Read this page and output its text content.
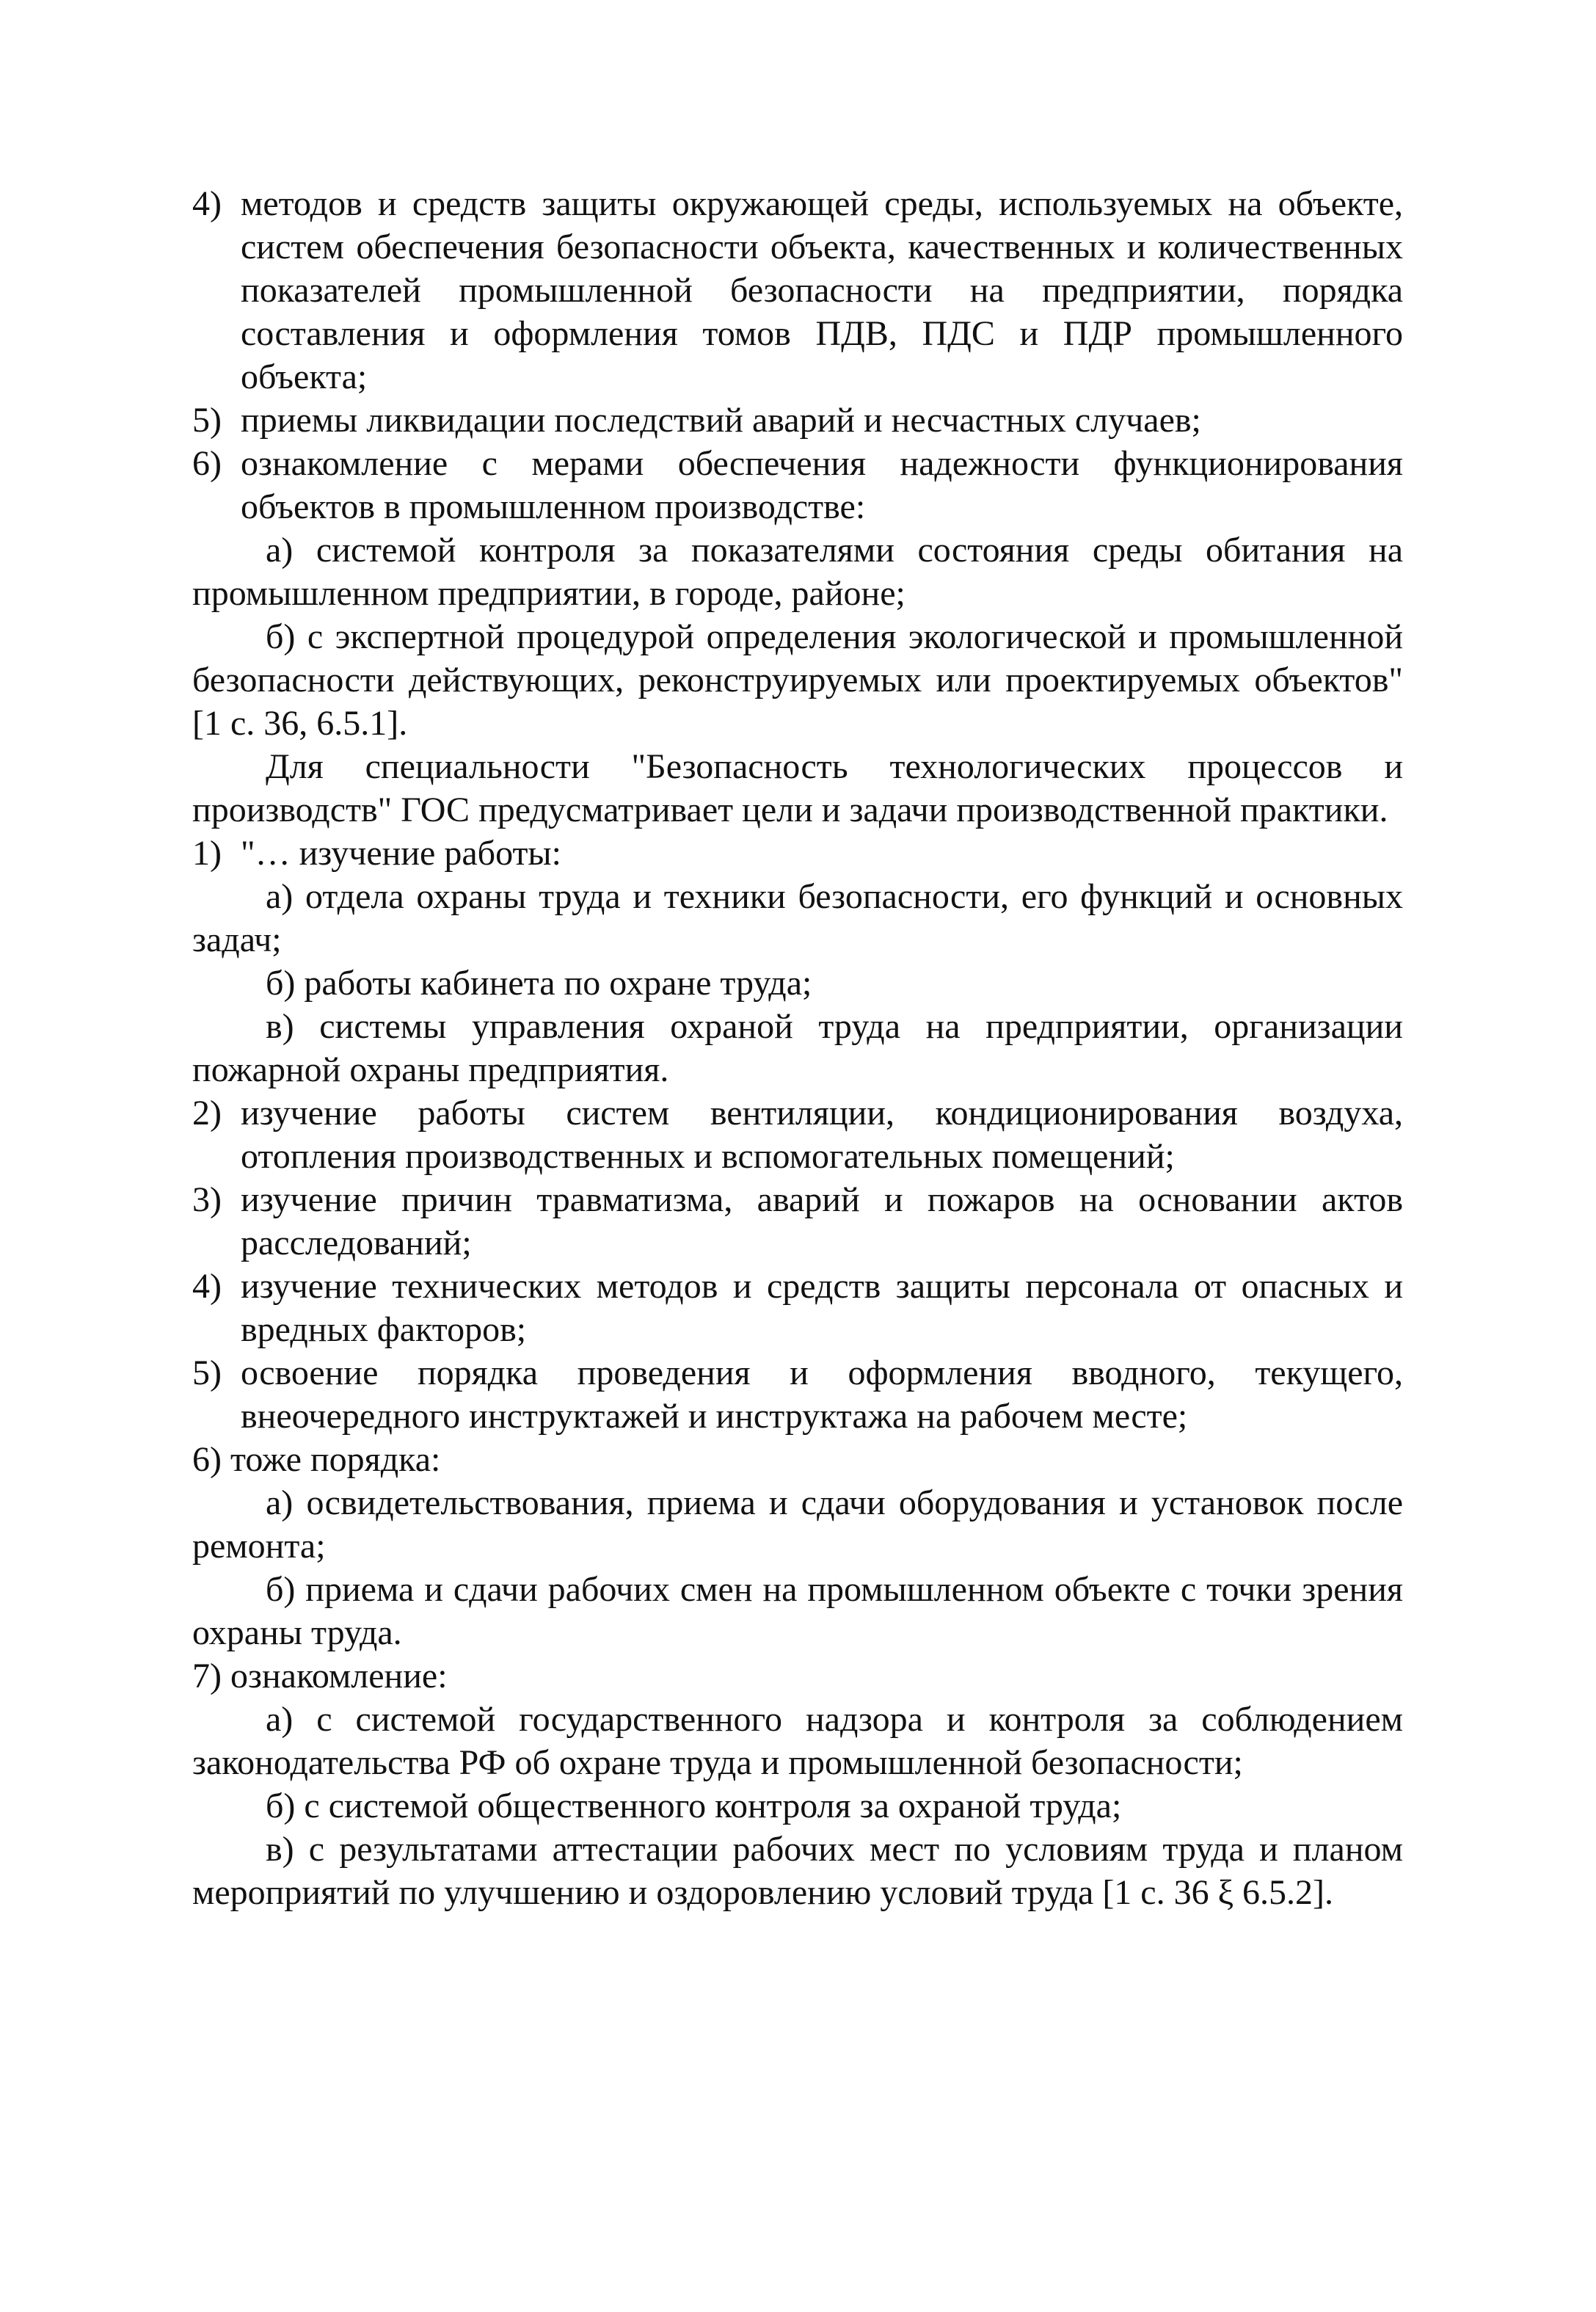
4) методов и средств защиты окружающей среды, используемых на объекте, систем обеспечения безопасности объекта, качественных и количественных показателей промышленной безопасности на предприятии, порядка составления и оформления томов ПДВ, ПДС и ПДР промышленного объекта;
5) приемы ликвидации последствий аварий и несчастных случаев;
6) ознакомление с мерами обеспечения надежности функционирования объектов в промышленном производстве:
а) системой контроля за показателями состояния среды обитания на промышленном предприятии, в городе, районе;
б) с экспертной процедурой определения экологической и промышленной безопасности действующих, реконструируемых или проектируемых объектов" [1 с. 36, 6.5.1].
Для специальности "Безопасность технологических процессов и производств" ГОС предусматривает цели и задачи производственной практики.
1) "… изучение работы:
а) отдела охраны труда и техники безопасности, его функций и основных задач;
б) работы кабинета по охране труда;
в) системы управления охраной труда на предприятии, организации пожарной охраны предприятия.
2) изучение работы систем вентиляции, кондиционирования воздуха, отопления производственных и вспомогательных помещений;
3) изучение причин травматизма, аварий и пожаров на основании актов расследований;
4) изучение технических методов и средств защиты персонала от опасных и вредных факторов;
5) освоение порядка проведения и оформления вводного, текущего, внеочередного инструктажей и инструктажа на рабочем месте;
6) тоже порядка:
а) освидетельствования, приема и сдачи оборудования и установок после ремонта;
б) приема и сдачи рабочих смен на промышленном объекте с точки зрения охраны труда.
7) ознакомление:
а) с системой государственного надзора и контроля за соблюдением законодательства РФ об охране труда и промышленной безопасности;
б) с системой общественного контроля за охраной труда;
в) с результатами аттестации рабочих мест по условиям труда и планом мероприятий по улучшению и оздоровлению условий труда [1 с. 36 ξ 6.5.2].
